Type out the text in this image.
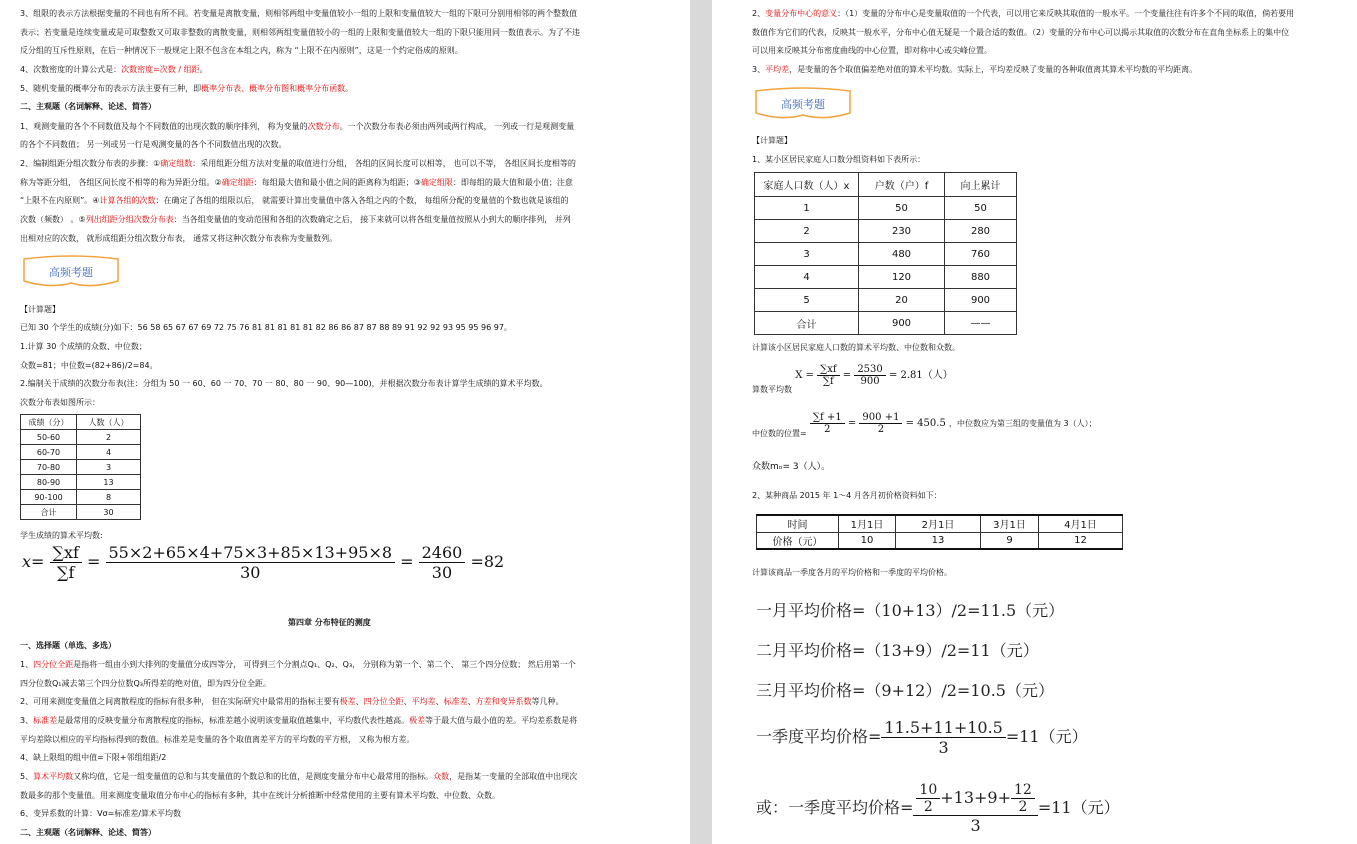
3、组限的表示方法根据变量的不同也有所不同。若变量是离散变量，则相邻两组中变量值较小一组的上限和变量值较大一组的下限可分别用相邻的两个整数值
表示；若变量是连续变量或是可取整数又可取非整数的离散变量，则相邻两组变量值较小的一组的上限和变量值较大一组的下限只能用同一数值表示。为了不违
反分组的互斥性原则，在后一种情况下一般规定上限不包含在本组之内，称为 “上限不在内原则”，这是一个约定俗成的原则。
4、次数密度的计算公式是：次数密度=次数 / 组距。
5、随机变量的概率分布的表示方法主要有三种，即概率分布表、概率分布图和概率分布函数。
二、主观题（名词解释、论述、简答）
1、观测变量的各个不同数值及每个不同数值的出现次数的顺序排列， 称为变量的次数分布。一个次数分布表必须由两列或两行构成， 一列或一行是观测变量
的各个不同数值； 另一列或另一行是观测变量的各个不同数值出现的次数。
2、编制组距分组次数分布表的步骤：①确定组数：采用组距分组方法对变量的取值进行分组， 各组的区间长度可以相等， 也可以不等， 各组区间长度相等的
称为等距分组， 各组区间长度不相等的称为异距分组。②确定组距：每组最大值和最小值之间的距离称为组距；③确定组限：即每组的最大值和最小值；注意
“上限不在内原则”。④计算各组的次数：在确定了各组的组限以后， 就需要计算出变量值中落入各组之内的个数， 每组所分配的变量值的个数也就是该组的
次数（频数） 。⑤列出组距分组次数分布表：当各组变量值的变动范围和各组的次数确定之后， 接下来就可以将各组变量值按照从小到大的顺序排列， 并列
出相对应的次数， 就形成组距分组次数分布表， 通常又将这种次数分布表称为变量数列。
高频考题
【计算题】
已知 30 个学生的成绩(分)如下：56 58 65 67 67 69 72 75 76 81 81 81 81 81 82 86 86 87 87 88 89 91 92 92 93 95 95 96 97。
1.计算 30 个成绩的众数、中位数；
众数=81；中位数=(82+86)/2=84。
2.编制关于成绩的次数分布表(注：分组为 50 一 60、60 一 70、70 一 80、80 一 90、90—100)，并根据次数分布表计算学生成绩的算术平均数。
次数分布表如图所示：
成绩（分）	人数（人）
50-60	2
60-70	4
70-80	3
80-90	13
90-100	8
合计	30
学生成绩的算术平均数:
$x= \frac{\sum xf}{\sum f} = \frac{55\times 2+65\times 4+75\times 3+85\times 13+95\times 8}{30} = \frac{2460}{30} =82$
第四章 分布特征的测度
一、选择题（单选、多选）
1、四分位全距是指将一组由小到大排列的变量值分成四等分， 可得到三个分割点Q₁、Q₂、Q₃， 分别称为第一个、第二个、 第三个四分位数； 然后用第一个
四分位数Q₁减去第三个四分位数Q₃所得差的绝对值，即为四分位全距。
2、可用来测度变量值之间离散程度的指标有很多种， 但在实际研究中最常用的指标主要有极差、四分位全距、平均差、标准差、方差和变异系数等几种。
3、标准差是最常用的反映变量分布离散程度的指标，标准差越小说明该变量取值越集中，平均数代表性越高。极差等于最大值与最小值的差。平均差系数是将
平均差除以相应的平均指标得到的数值。标准差是变量的各个取值离差平方的平均数的平方根， 又称为根方差。
4、缺上限组的组中值=下限+邻组组距/2
5、算术平均数又称均值，它是一组变量值的总和与其变量值的个数总和的比值，是测度变量分布中心最常用的指标。众数，是指某一变量的全部取值中出现次
数最多的那个变量值。用来测度变量取值分布中心的指标有多种，其中在统计分析推断中经常使用的主要有算术平均数、中位数、众数。
6、变异系数的计算：Vσ=标准差/算术平均数
二、主观题（名词解释、论述、简答）
2、变量分布中心的意义：（1）变量的分布中心是变量取值的一个代表，可以用它来反映其取值的一般水平。一个变量往往有许多个不同的取值，倘若要用
数值作为它们的代表，反映其一般水平，分布中心值无疑是一个最合适的数值。（2）变量的分布中心可以揭示其取值的次数分布在直角坐标系上的集中位
可以用来反映其分布密度曲线的中心位置，即对称中心或尖峰位置。
3、平均差，是变量的各个取值偏差绝对值的算术平均数。实际上，平均差反映了变量的各种取值离其算术平均数的平均距离。
高频考题
【计算题】
1、某小区居民家庭人口数分组资料如下表所示：
家庭人口数（人）x	户数（户）f	向上累计
1	50	50
2	230	280
3	480	760
4	120	880
5	20	900
合计	900	——
计算该小区居民家庭人口数的算术平均数、中位数和众数。
$_{算数平均数}$ $X = \frac{\sum xf}{\sum f} = \frac{2530}{900} = 2.81$（人）
$_{中位数的位置=} \frac{\sum f +1}{2} = \frac{900 +1}{2} = 450.5$ ，中位数应为第三组的变量值为 3（人）；
众数mₒ= 3（人）。
2、某种商品 2015 年 1～4 月各月初价格资料如下：
时间	1月1日	2月1日	3月1日	4月1日
价格（元）	10	13	9	12
计算该商品一季度各月的平均价格和一季度的平均价格。
一月平均价格=（10+13）/2=11.5（元）
二月平均价格=（13+9）/2=11（元）
三月平均价格=（9+12）/2=10.5（元）
一季度平均价格= $\frac{11.5+11+10.5}{3} =11$（元）
或：一季度平均价格= $\frac{\frac{10}{2} +13+9+ \frac{12}{2}}{3} =11$（元）
